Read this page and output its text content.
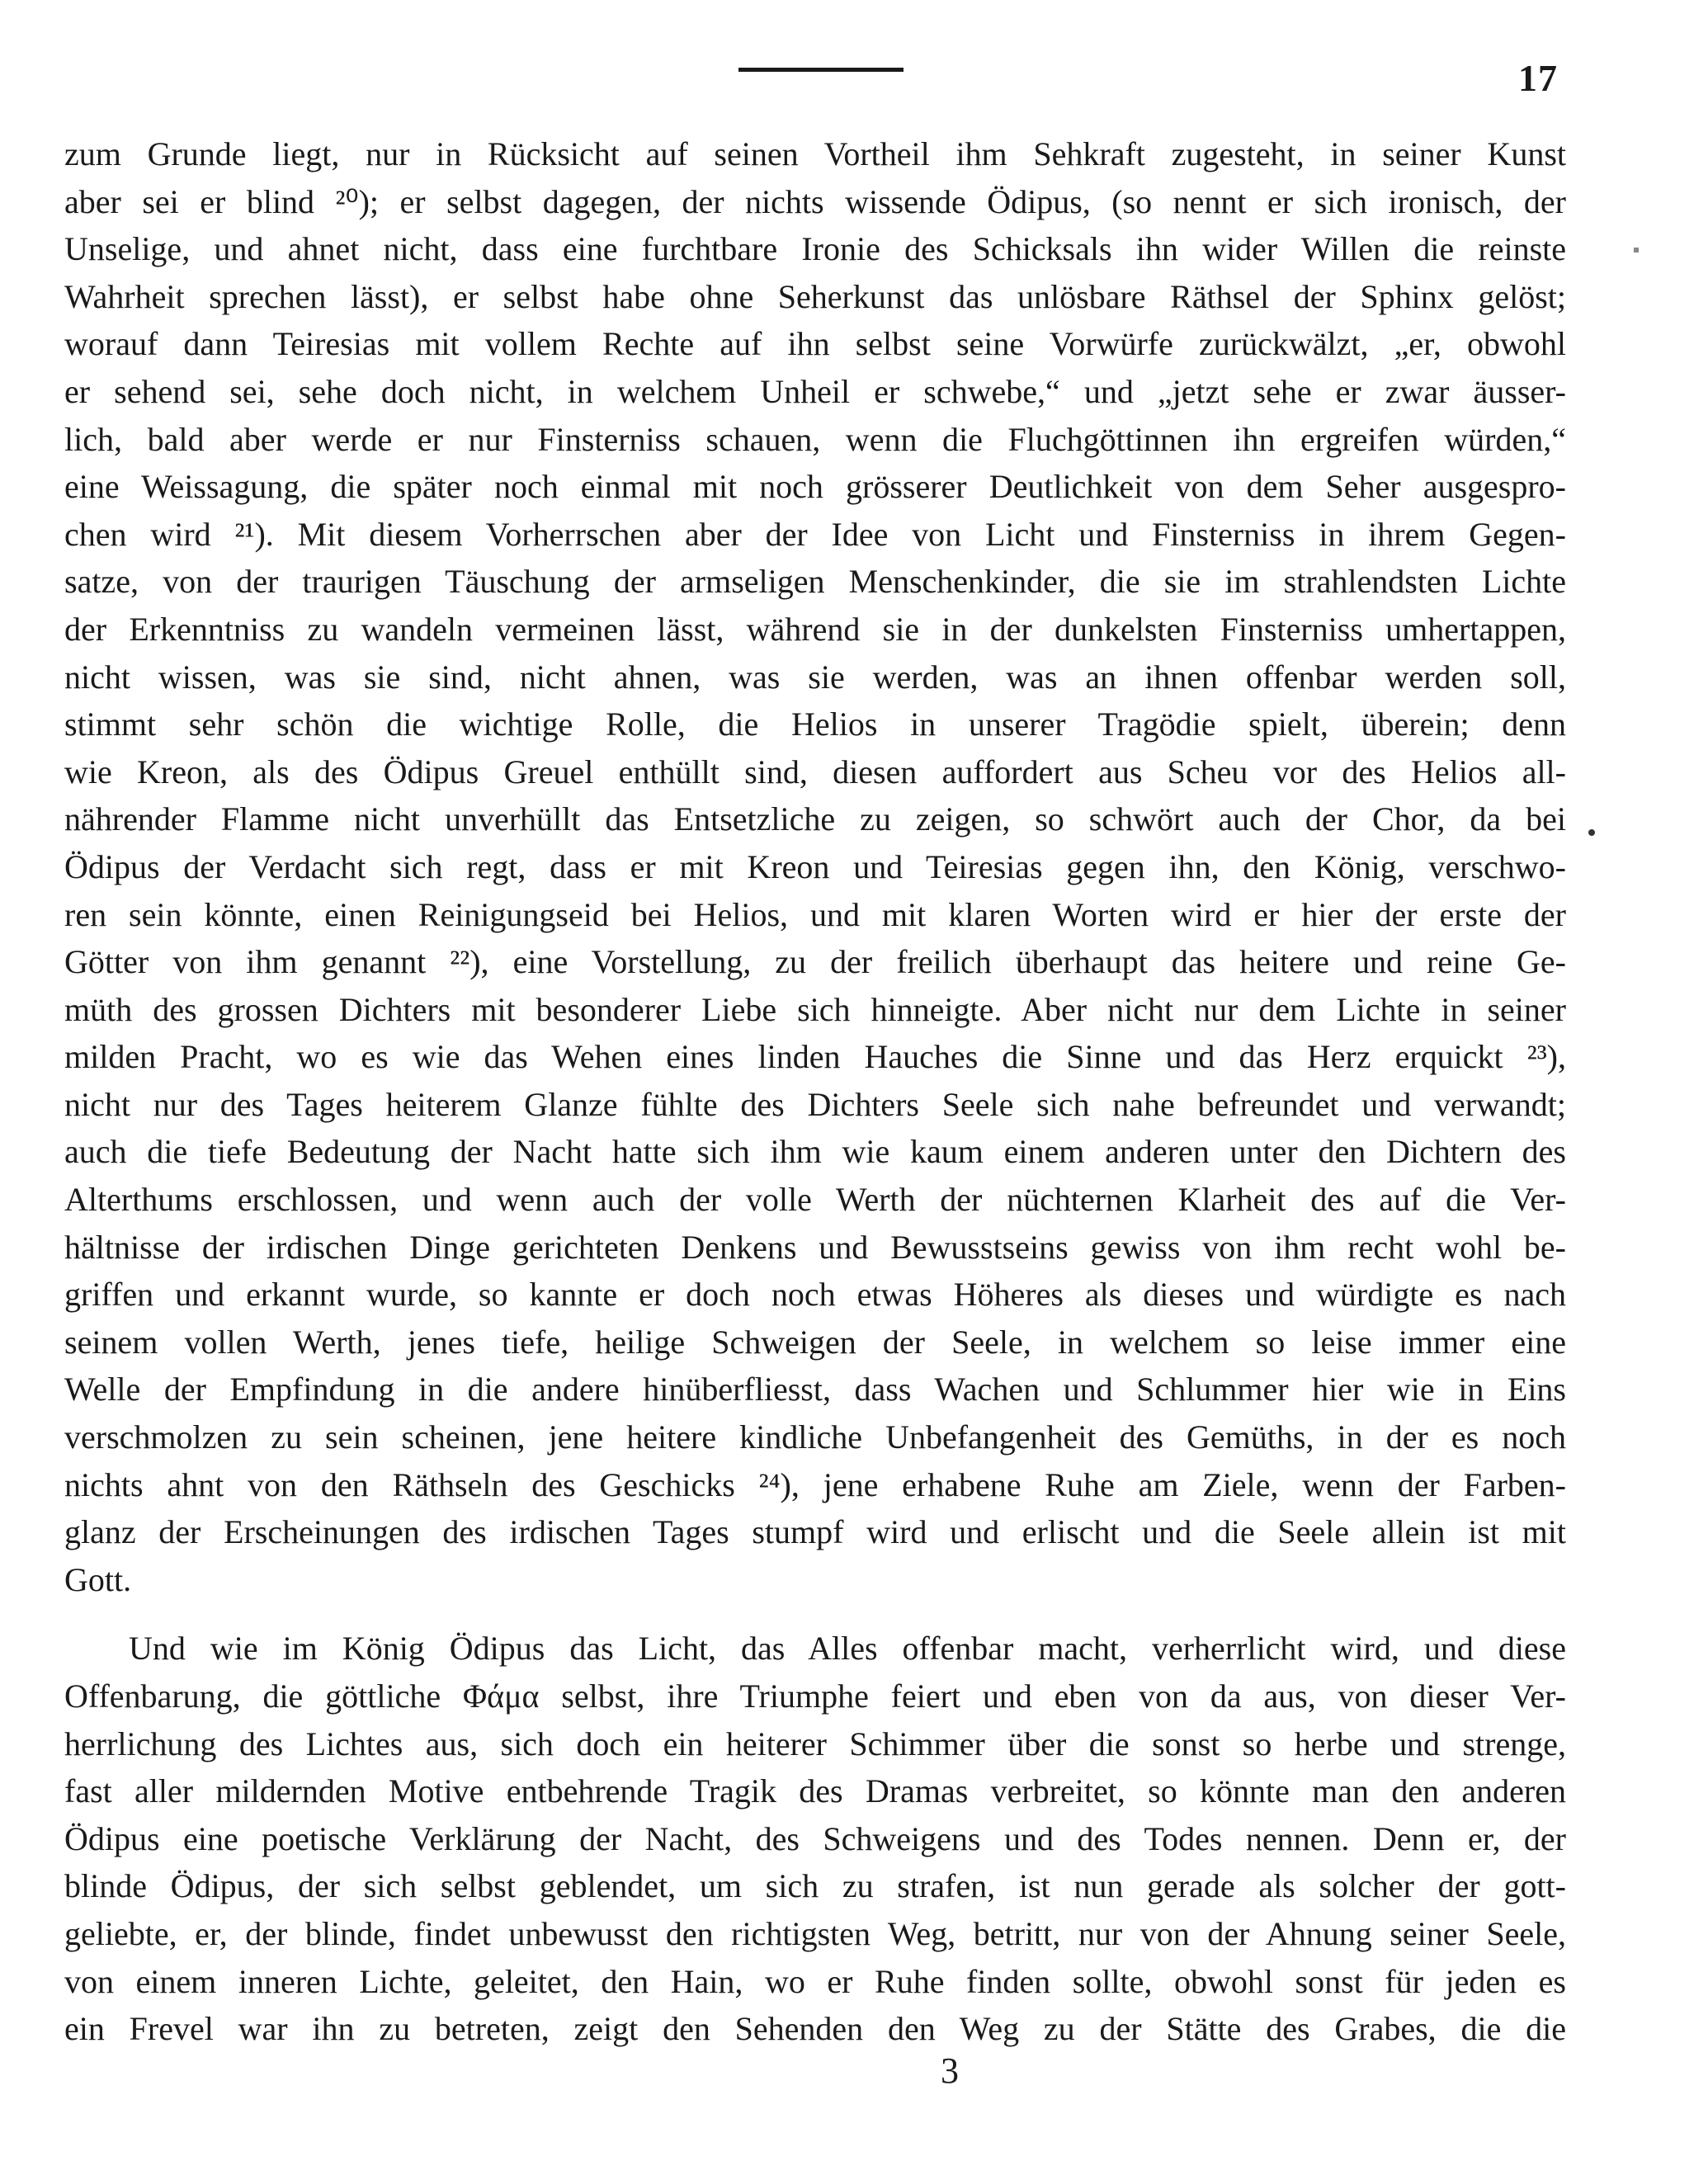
17
zum Grunde liegt, nur in Rücksicht auf seinen Vortheil ihm Sehkraft zugesteht, in seiner Kunst
aber sei er blind ²⁰); er selbst dagegen, der nichts wissende Ödipus, (so nennt er sich ironisch, der
Unselige, und ahnet nicht, dass eine furchtbare Ironie des Schicksals ihn wider Willen die reinste
Wahrheit sprechen lässt), er selbst habe ohne Seherkunst das unlösbare Räthsel der Sphinx gelöst;
worauf dann Teiresias mit vollem Rechte auf ihn selbst seine Vorwürfe zurückwälzt, „er, obwohl
er sehend sei, sehe doch nicht, in welchem Unheil er schwebe,“ und „jetzt sehe er zwar äusser-
lich, bald aber werde er nur Finsterniss schauen, wenn die Fluchgöttinnen ihn ergreifen würden,“
eine Weissagung, die später noch einmal mit noch grösserer Deutlichkeit von dem Seher ausgespro-
chen wird ²¹). Mit diesem Vorherrschen aber der Idee von Licht und Finsterniss in ihrem Gegen-
satze, von der traurigen Täuschung der armseligen Menschenkinder, die sie im strahlendsten Lichte
der Erkenntniss zu wandeln vermeinen lässt, während sie in der dunkelsten Finsterniss umhertappen,
nicht wissen, was sie sind, nicht ahnen, was sie werden, was an ihnen offenbar werden soll,
stimmt sehr schön die wichtige Rolle, die Helios in unserer Tragödie spielt, überein; denn
wie Kreon, als des Ödipus Greuel enthüllt sind, diesen auffordert aus Scheu vor des Helios all-
nährender Flamme nicht unverhüllt das Entsetzliche zu zeigen, so schwört auch der Chor, da bei
Ödipus der Verdacht sich regt, dass er mit Kreon und Teiresias gegen ihn, den König, verschwo-
ren sein könnte, einen Reinigungseid bei Helios, und mit klaren Worten wird er hier der erste der
Götter von ihm genannt ²²), eine Vorstellung, zu der freilich überhaupt das heitere und reine Ge-
müth des grossen Dichters mit besonderer Liebe sich hinneigte. Aber nicht nur dem Lichte in seiner
milden Pracht, wo es wie das Wehen eines linden Hauches die Sinne und das Herz erquickt ²³),
nicht nur des Tages heiterem Glanze fühlte des Dichters Seele sich nahe befreundet und verwandt;
auch die tiefe Bedeutung der Nacht hatte sich ihm wie kaum einem anderen unter den Dichtern des
Alterthums erschlossen, und wenn auch der volle Werth der nüchternen Klarheit des auf die Ver-
hältnisse der irdischen Dinge gerichteten Denkens und Bewusstseins gewiss von ihm recht wohl be-
griffen und erkannt wurde, so kannte er doch noch etwas Höheres als dieses und würdigte es nach
seinem vollen Werth, jenes tiefe, heilige Schweigen der Seele, in welchem so leise immer eine
Welle der Empfindung in die andere hinüberfliesst, dass Wachen und Schlummer hier wie in Eins
verschmolzen zu sein scheinen, jene heitere kindliche Unbefangenheit des Gemüths, in der es noch
nichts ahnt von den Räthseln des Geschicks ²⁴), jene erhabene Ruhe am Ziele, wenn der Farben-
glanz der Erscheinungen des irdischen Tages stumpf wird und erlischt und die Seele allein ist mit
Gott.
Und wie im König Ödipus das Licht, das Alles offenbar macht, verherrlicht wird, und diese
Offenbarung, die göttliche Φάμα selbst, ihre Triumphe feiert und eben von da aus, von dieser Ver-
herrlichung des Lichtes aus, sich doch ein heiterer Schimmer über die sonst so herbe und strenge,
fast aller mildernden Motive entbehrende Tragik des Dramas verbreitet, so könnte man den anderen
Ödipus eine poetische Verklärung der Nacht, des Schweigens und des Todes nennen. Denn er, der
blinde Ödipus, der sich selbst geblendet, um sich zu strafen, ist nun gerade als solcher der gott-
geliebte, er, der blinde, findet unbewusst den richtigsten Weg, betritt, nur von der Ahnung seiner Seele,
von einem inneren Lichte, geleitet, den Hain, wo er Ruhe finden sollte, obwohl sonst für jeden es
ein Frevel war ihn zu betreten, zeigt den Sehenden den Weg zu der Stätte des Grabes, die die
3
